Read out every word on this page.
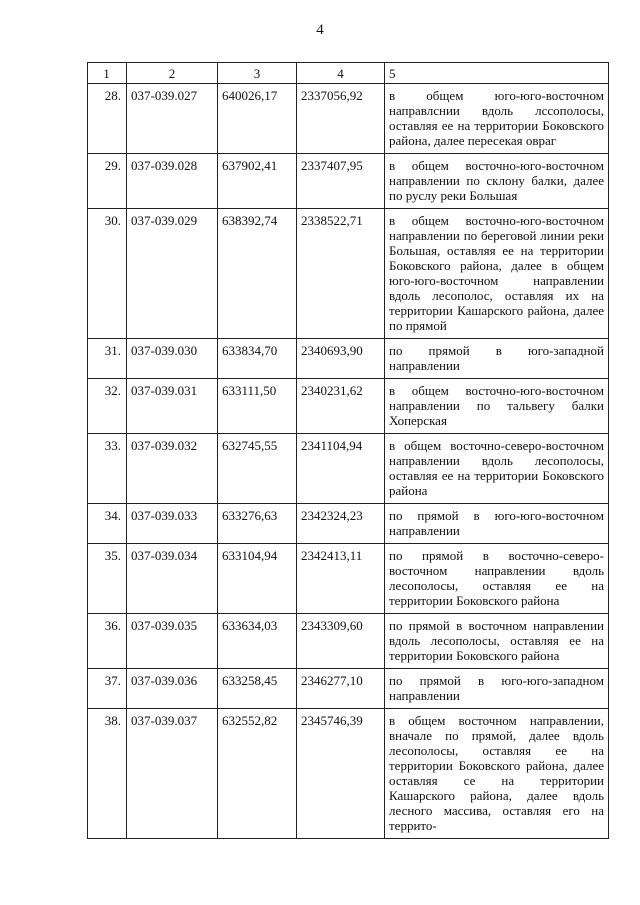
4
1	2	3	4	5
28.	037-039.027	640026,17	2337056,92	в общем юго-юго-восточном направлснии вдоль лссополосы, оставляя ее на территории Боковского района, далее пересекая овраг
29.	037-039.028	637902,41	2337407,95	в общем восточно-юго-восточном направлении по склону балки, далее по руслу реки Большая
30.	037-039.029	638392,74	2338522,71	в общем восточно-юго-восточном направлении по береговой линии реки Большая, оставляя ее на территории Боковского района, далее в общем юго-юго-восточном направлении вдоль лесополос, оставляя их на территории Кашарского района, далее по прямой
31.	037-039.030	633834,70	2340693,90	по прямой в юго-западной направлении
32.	037-039.031	633111,50	2340231,62	в общем восточно-юго-восточном направлении по тальвегу балки Хоперская
33.	037-039.032	632745,55	2341104,94	в общем восточно-северо-восточном направлении вдоль лесополосы, оставляя ее на территории Боковского района
34.	037-039.033	633276,63	2342324,23	по прямой в юго-юго-восточном направлении
35.	037-039.034	633104,94	2342413,11	по прямой в восточно-северо-восточном направлении вдоль лесополосы, оставляя ее на территории Боковского района
36.	037-039.035	633634,03	2343309,60	по прямой в восточном направлении вдоль лесополосы, оставляя ее на территории Боковского района
37.	037-039.036	633258,45	2346277,10	по прямой в юго-юго-западном направлении
38.	037-039.037	632552,82	2345746,39	в общем восточном направлении, вначале по прямой, далее вдоль лесополосы, оставляя ее на территории Боковского района, далее оставляя се на территории Кашарского района, далее вдоль лесного массива, оставляя его на террито-
